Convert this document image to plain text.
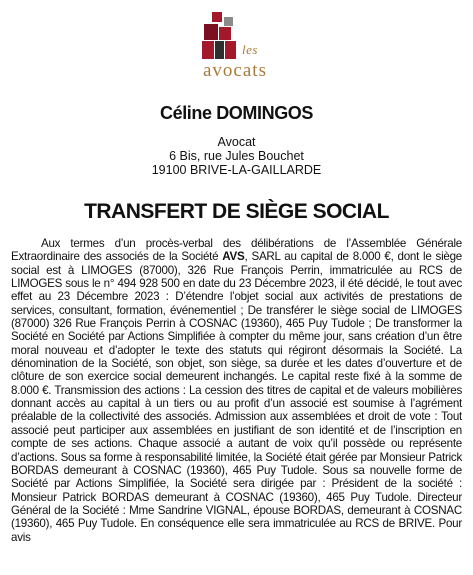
les
avocats
Céline DOMINGOS
Avocat
6 Bis, rue Jules Bouchet
19100 BRIVE-LA-GAILLARDE
TRANSFERT DE SIÈGE SOCIAL
Aux termes d’un procès-verbal des délibérations de l’Assemblée Générale Extraordinaire des associés de la Société AVS, SARL au capital de 8.000 €, dont le siège social est à LIMOGES (87000), 326 Rue François Perrin, immatriculée au RCS de LIMOGES sous le n° 494 928 500 en date du 23 Décembre 2023, il été décidé, le tout avec effet au 23 Décembre 2023 : D’étendre l’objet social aux activités de prestations de services, consultant, formation, événementiel ; De transférer le siège social de LIMOGES (87000) 326 Rue François Perrin à COSNAC (19360), 465 Puy Tudole ; De transformer la Société en Société par Actions Simplifiée à compter du même jour, sans création d’un être moral nouveau et d’adopter le texte des statuts qui régiront désormais la Société. La dénomination de la Société, son objet, son siège, sa durée et les dates d’ouverture et de clôture de son exercice social demeurent inchangés. Le capital reste fixé à la somme de 8.000 €. Transmission des actions : La cession des titres de capital et de valeurs mobilières donnant accès au capital à un tiers ou au profit d’un associé est soumise à l’agrément préalable de la collectivité des associés. Admission aux assemblées et droit de vote : Tout associé peut participer aux assemblées en justifiant de son identité et de l’inscription en compte de ses actions. Chaque associé a autant de voix qu’il possède ou représente d’actions. Sous sa forme à responsabilité limitée, la Société était gérée par Monsieur Patrick BORDAS demeurant à COSNAC (19360), 465 Puy Tudole. Sous sa nouvelle forme de Société par Actions Simplifiée, la Société sera dirigée par : Président de la société : Monsieur Patrick BORDAS demeurant à COSNAC (19360), 465 Puy Tudole. Directeur Général de la Société : Mme Sandrine VIGNAL, épouse BORDAS, demeurant à COSNAC (19360), 465 Puy Tudole. En conséquence elle sera immatriculée au RCS de BRIVE. Pour avis
